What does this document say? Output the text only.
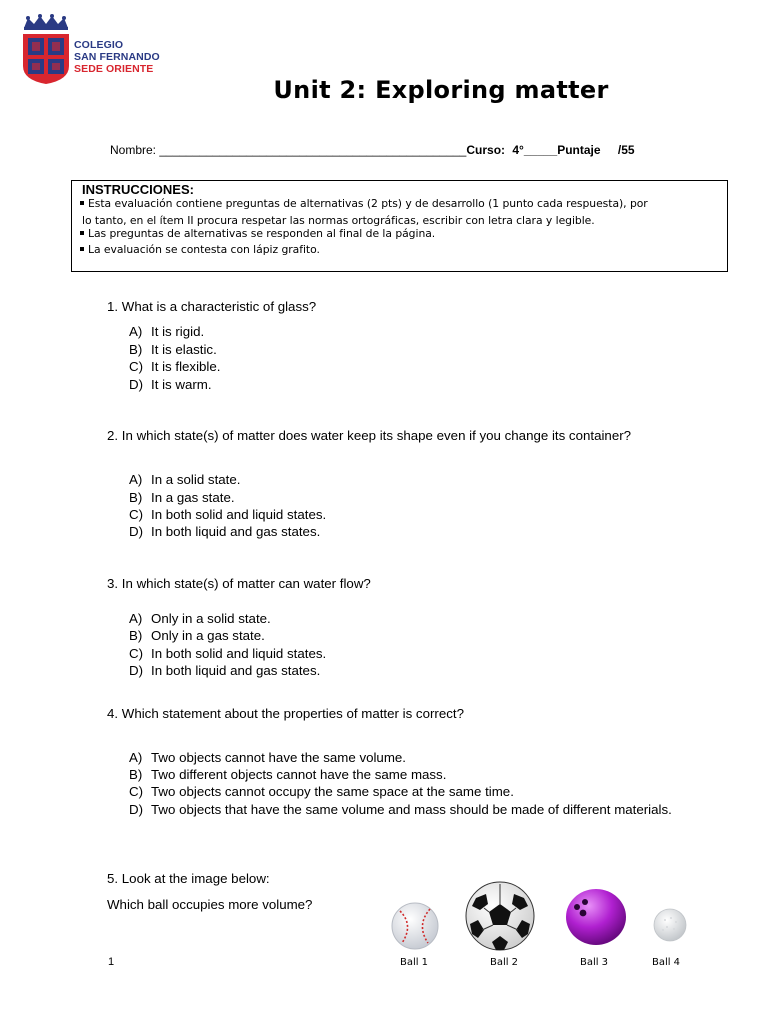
COLEGIO
SAN FERNANDO
SEDE ORIENTE
Unit 2: Exploring matter
Nombre: ______________________________________________Curso: 4°_____Puntaje /55
INSTRUCCIONES:
Esta evaluación contiene preguntas de alternativas (2 pts) y de desarrollo (1 punto cada respuesta), por
lo tanto, en el ítem II procura respetar las normas ortográficas, escribir con letra clara y legible.
Las preguntas de alternativas se responden al final de la página.
La evaluación se contesta con lápiz grafito.
1. What is a characteristic of glass?
A) It is rigid.
B) It is elastic.
C) It is flexible.
D) It is warm.
2. In which state(s) of matter does water keep its shape even if you change its container?
A) In a solid state.
B) In a gas state.
C) In both solid and liquid states.
D) In both liquid and gas states.
3. In which state(s) of matter can water flow?
A) Only in a solid state.
B) Only in a gas state.
C) In both solid and liquid states.
D) In both liquid and gas states.
4. Which statement about the properties of matter is correct?
A) Two objects cannot have the same volume.
B) Two different objects cannot have the same mass.
C) Two objects cannot occupy the same space at the same time.
D) Two objects that have the same volume and mass should be made of different materials.
5. Look at the image below:
Which ball occupies more volume?
Ball 1	Ball 2	Ball 3	Ball 4
1
